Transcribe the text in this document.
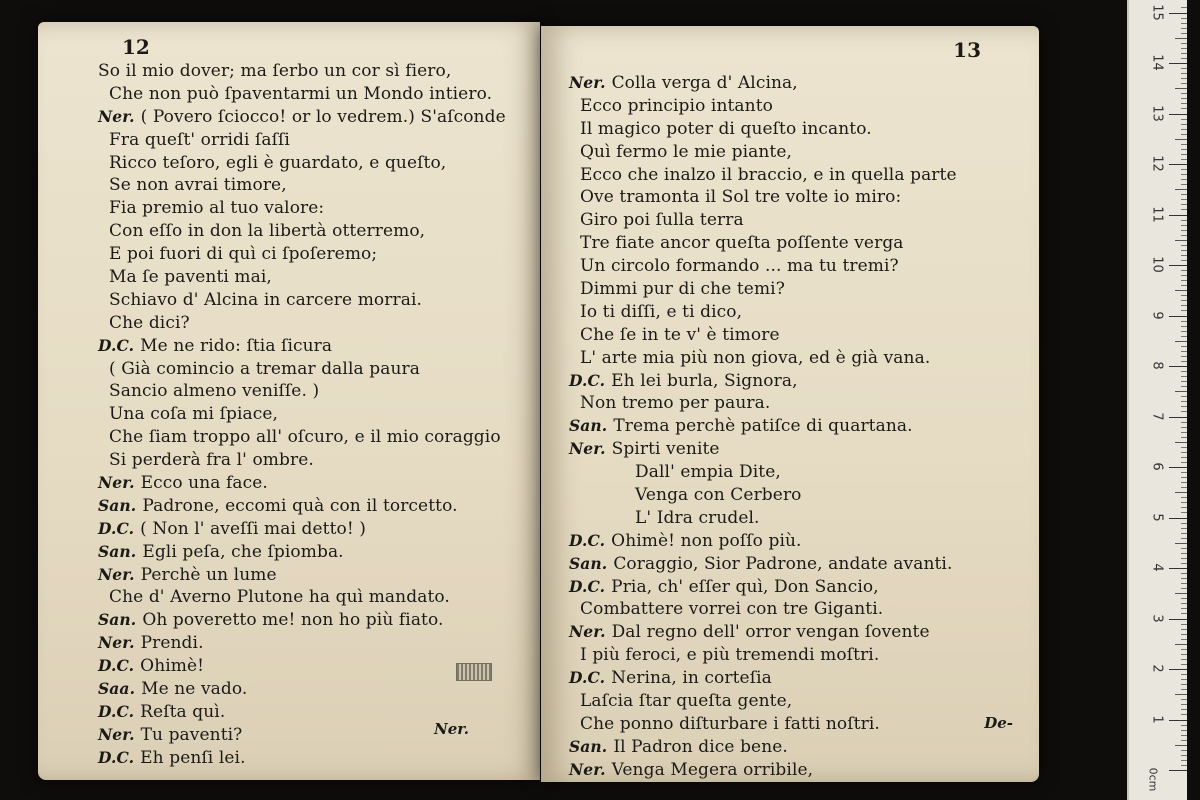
12
So il mio dover; ma ſerbo un cor sì fiero,
Che non può ſpaventarmi un Mondo intiero.
Ner. ( Povero ſciocco! or lo vedrem.) S'aſconde
Fra queſt' orridi ſaſſi
Ricco teſoro, egli è guardato, e queſto,
Se non avrai timore,
Fia premio al tuo valore:
Con eſſo in don la libertà otterremo,
E poi fuori di quì ci ſpoſeremo;
Ma ſe paventi mai,
Schiavo d' Alcina in carcere morrai.
Che dici?
D.C. Me ne rido: ſtia ſicura
( Già comincio a tremar dalla paura
Sancio almeno veniſſe. )
Una coſa mi ſpiace,
Che ſiam troppo all' oſcuro, e il mio coraggio
Si perderà fra l' ombre.
Ner. Ecco una face.
San. Padrone, eccomi quà con il torcetto.
D.C. ( Non l' aveſſi mai detto! )
San. Egli peſa, che ſpiomba.
Ner. Perchè un lume
Che d' Averno Plutone ha quì mandato.
San. Oh poveretto me! non ho più fiato.
Ner. Prendi.
D.C. Ohimè!
Saa. Me ne vado.
D.C. Reſta quì.
Ner. Tu paventi?
D.C. Eh penſi lei.
Ner.
13
Ner. Colla verga d' Alcina,
Ecco principio intanto
Il magico poter di queſto incanto.
Quì fermo le mie piante,
Ecco che inalzo il braccio, e in quella parte
Ove tramonta il Sol tre volte io miro:
Giro poi ſulla terra
Tre fiate ancor queſta poſſente verga
Un circolo formando ... ma tu tremi?
Dimmi pur di che temi?
Io ti diſſi, e ti dico,
Che ſe in te v' è timore
L' arte mia più non giova, ed è già vana.
D.C. Eh lei burla, Signora,
Non tremo per paura.
San. Trema perchè patiſce di quartana.
Ner. Spirti venite
Dall' empia Dite,
Venga con Cerbero
L' Idra crudel.
D.C. Ohimè! non poſſo più.
San. Coraggio, Sior Padrone, andate avanti.
D.C. Pria, ch' eſſer quì, Don Sancio,
Combattere vorrei con tre Giganti.
Ner. Dal regno dell' orror vengan ſovente
I più feroci, e più tremendi moſtri.
D.C. Nerina, in corteſia
Laſcia ſtar queſta gente,
Che ponno diſturbare i fatti noſtri.
San. Il Padron dice bene.
Ner. Venga Megera orribile,
De-
0cm
1
2
3
4
5
6
7
8
9
10
11
12
13
14
15
